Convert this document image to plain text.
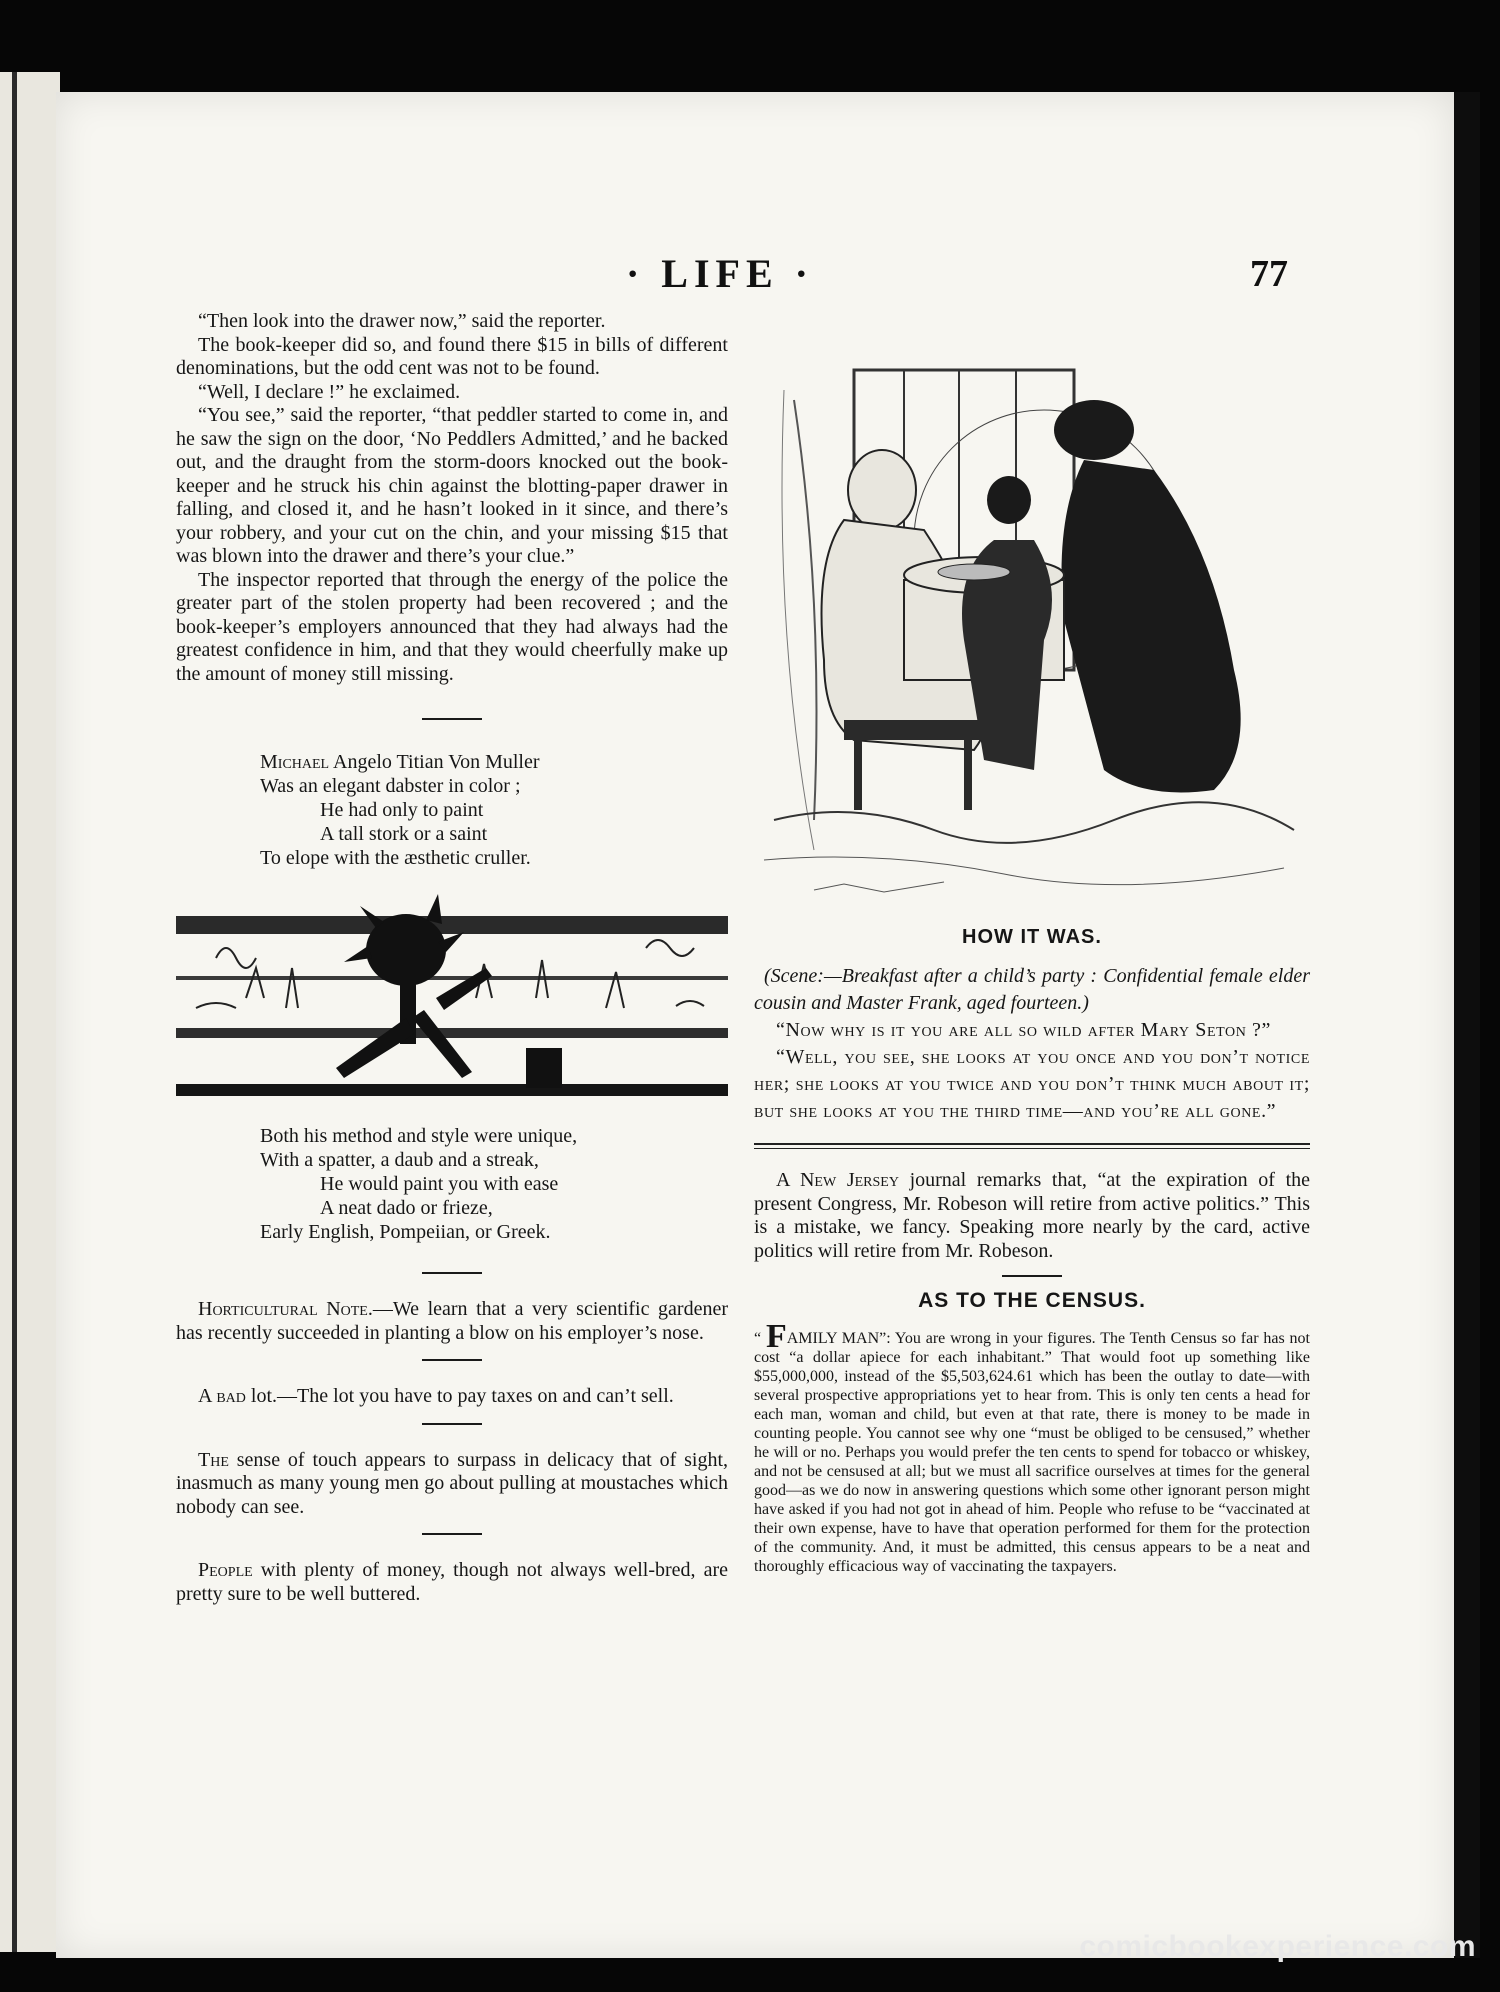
· LIFE ·	77

“Then look into the drawer now,” said the reporter.

The book-keeper did so, and found there $15 in bills of different denominations, but the odd cent was not to be found.

“Well, I declare !” he exclaimed.

“You see,” said the reporter, “that peddler started to come in, and he saw the sign on the door, ‘No Peddlers Admitted,’ and he backed out, and the draught from the storm-doors knocked out the book-keeper and he struck his chin against the blotting-paper drawer in falling, and closed it, and he hasn’t looked in it since, and there’s your robbery, and your cut on the chin, and your missing $15 that was blown into the drawer and there’s your clue.”

The inspector reported that through the energy of the police the greater part of the stolen property had been recovered ; and the book-keeper’s employers announced that they had always had the greatest confidence in him, and that they would cheerfully make up the amount of money still missing.

Michael Angelo Titian Von Muller
Was an elegant dabster in color ;
He had only to paint
A tall stork or a saint
To elope with the æsthetic cruller.
Both his method and style were unique,
With a spatter, a daub and a streak,
He would paint you with ease
A neat dado or frieze,
Early English, Pompeiian, or Greek.

Horticultural Note.—We learn that a very scientific gardener has recently succeeded in planting a blow on his employer’s nose.

A bad lot.—The lot you have to pay taxes on and can’t sell.

The sense of touch appears to surpass in delicacy that of sight, inasmuch as many young men go about pulling at moustaches which nobody can see.

People with plenty of money, though not always well-bred, are pretty sure to be well buttered.

HOW IT WAS.
(Scene:—Breakfast after a child’s party : Confidential female elder cousin and Master Frank, aged fourteen.)
“Now why is it you are all so wild after Mary Seton ?”
“Well, you see, she looks at you once and you don’t notice her; she looks at you twice and you don’t think much about it; but she looks at you the third time—and you’re all gone.”

A New Jersey journal remarks that, “at the expiration of the present Congress, Mr. Robeson will retire from active politics.” This is a mistake, we fancy. Speaking more nearly by the card, active politics will retire from Mr. Robeson.

AS TO THE CENSUS.

“ FAMILY MAN”: You are wrong in your figures. The Tenth Census so far has not cost “a dollar apiece for each inhabitant.” That would foot up something like $55,000,000, instead of the $5,503,624.61 which has been the outlay to date—with several prospective appropriations yet to hear from. This is only ten cents a head for each man, woman and child, but even at that rate, there is money to be made in counting people. You cannot see why one “must be obliged to be censused,” whether he will or no. Perhaps you would prefer the ten cents to spend for tobacco or whiskey, and not be censused at all; but we must all sacrifice ourselves at times for the general good—as we do now in answering questions which some other ignorant person might have asked if you had not got in ahead of him. People who refuse to be “vaccinated at their own expense, have to have that operation performed for them for the protection of the community. And, it must be admitted, this census appears to be a neat and thoroughly efficacious way of vaccinating the taxpayers.

comicbookexperience.com
